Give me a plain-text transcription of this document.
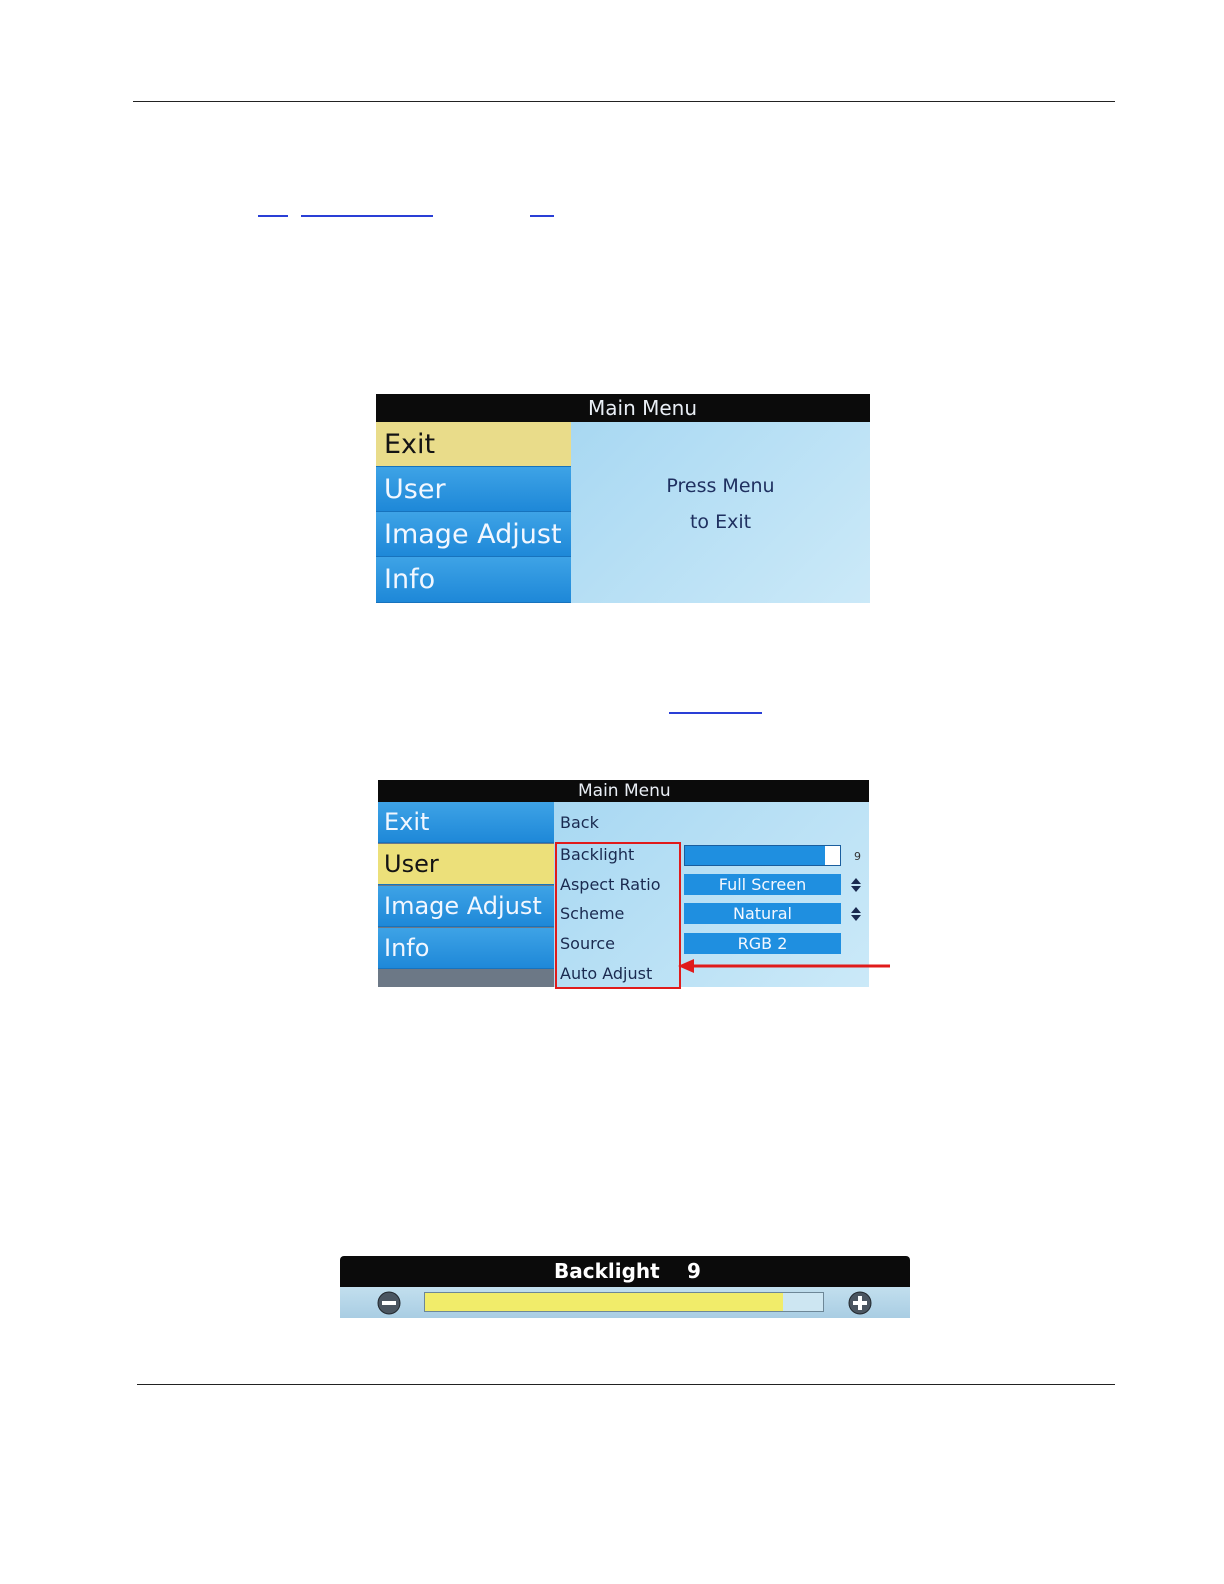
Main Menu
Exit
User
Image Adjust
Info
Press Menu
to Exit
Main Menu
Exit
User
Image Adjust
Info
Back
Backlight	9
Aspect Ratio	Full Screen
Scheme	Natural
Source	RGB 2
Auto Adjust
Backlight 9
